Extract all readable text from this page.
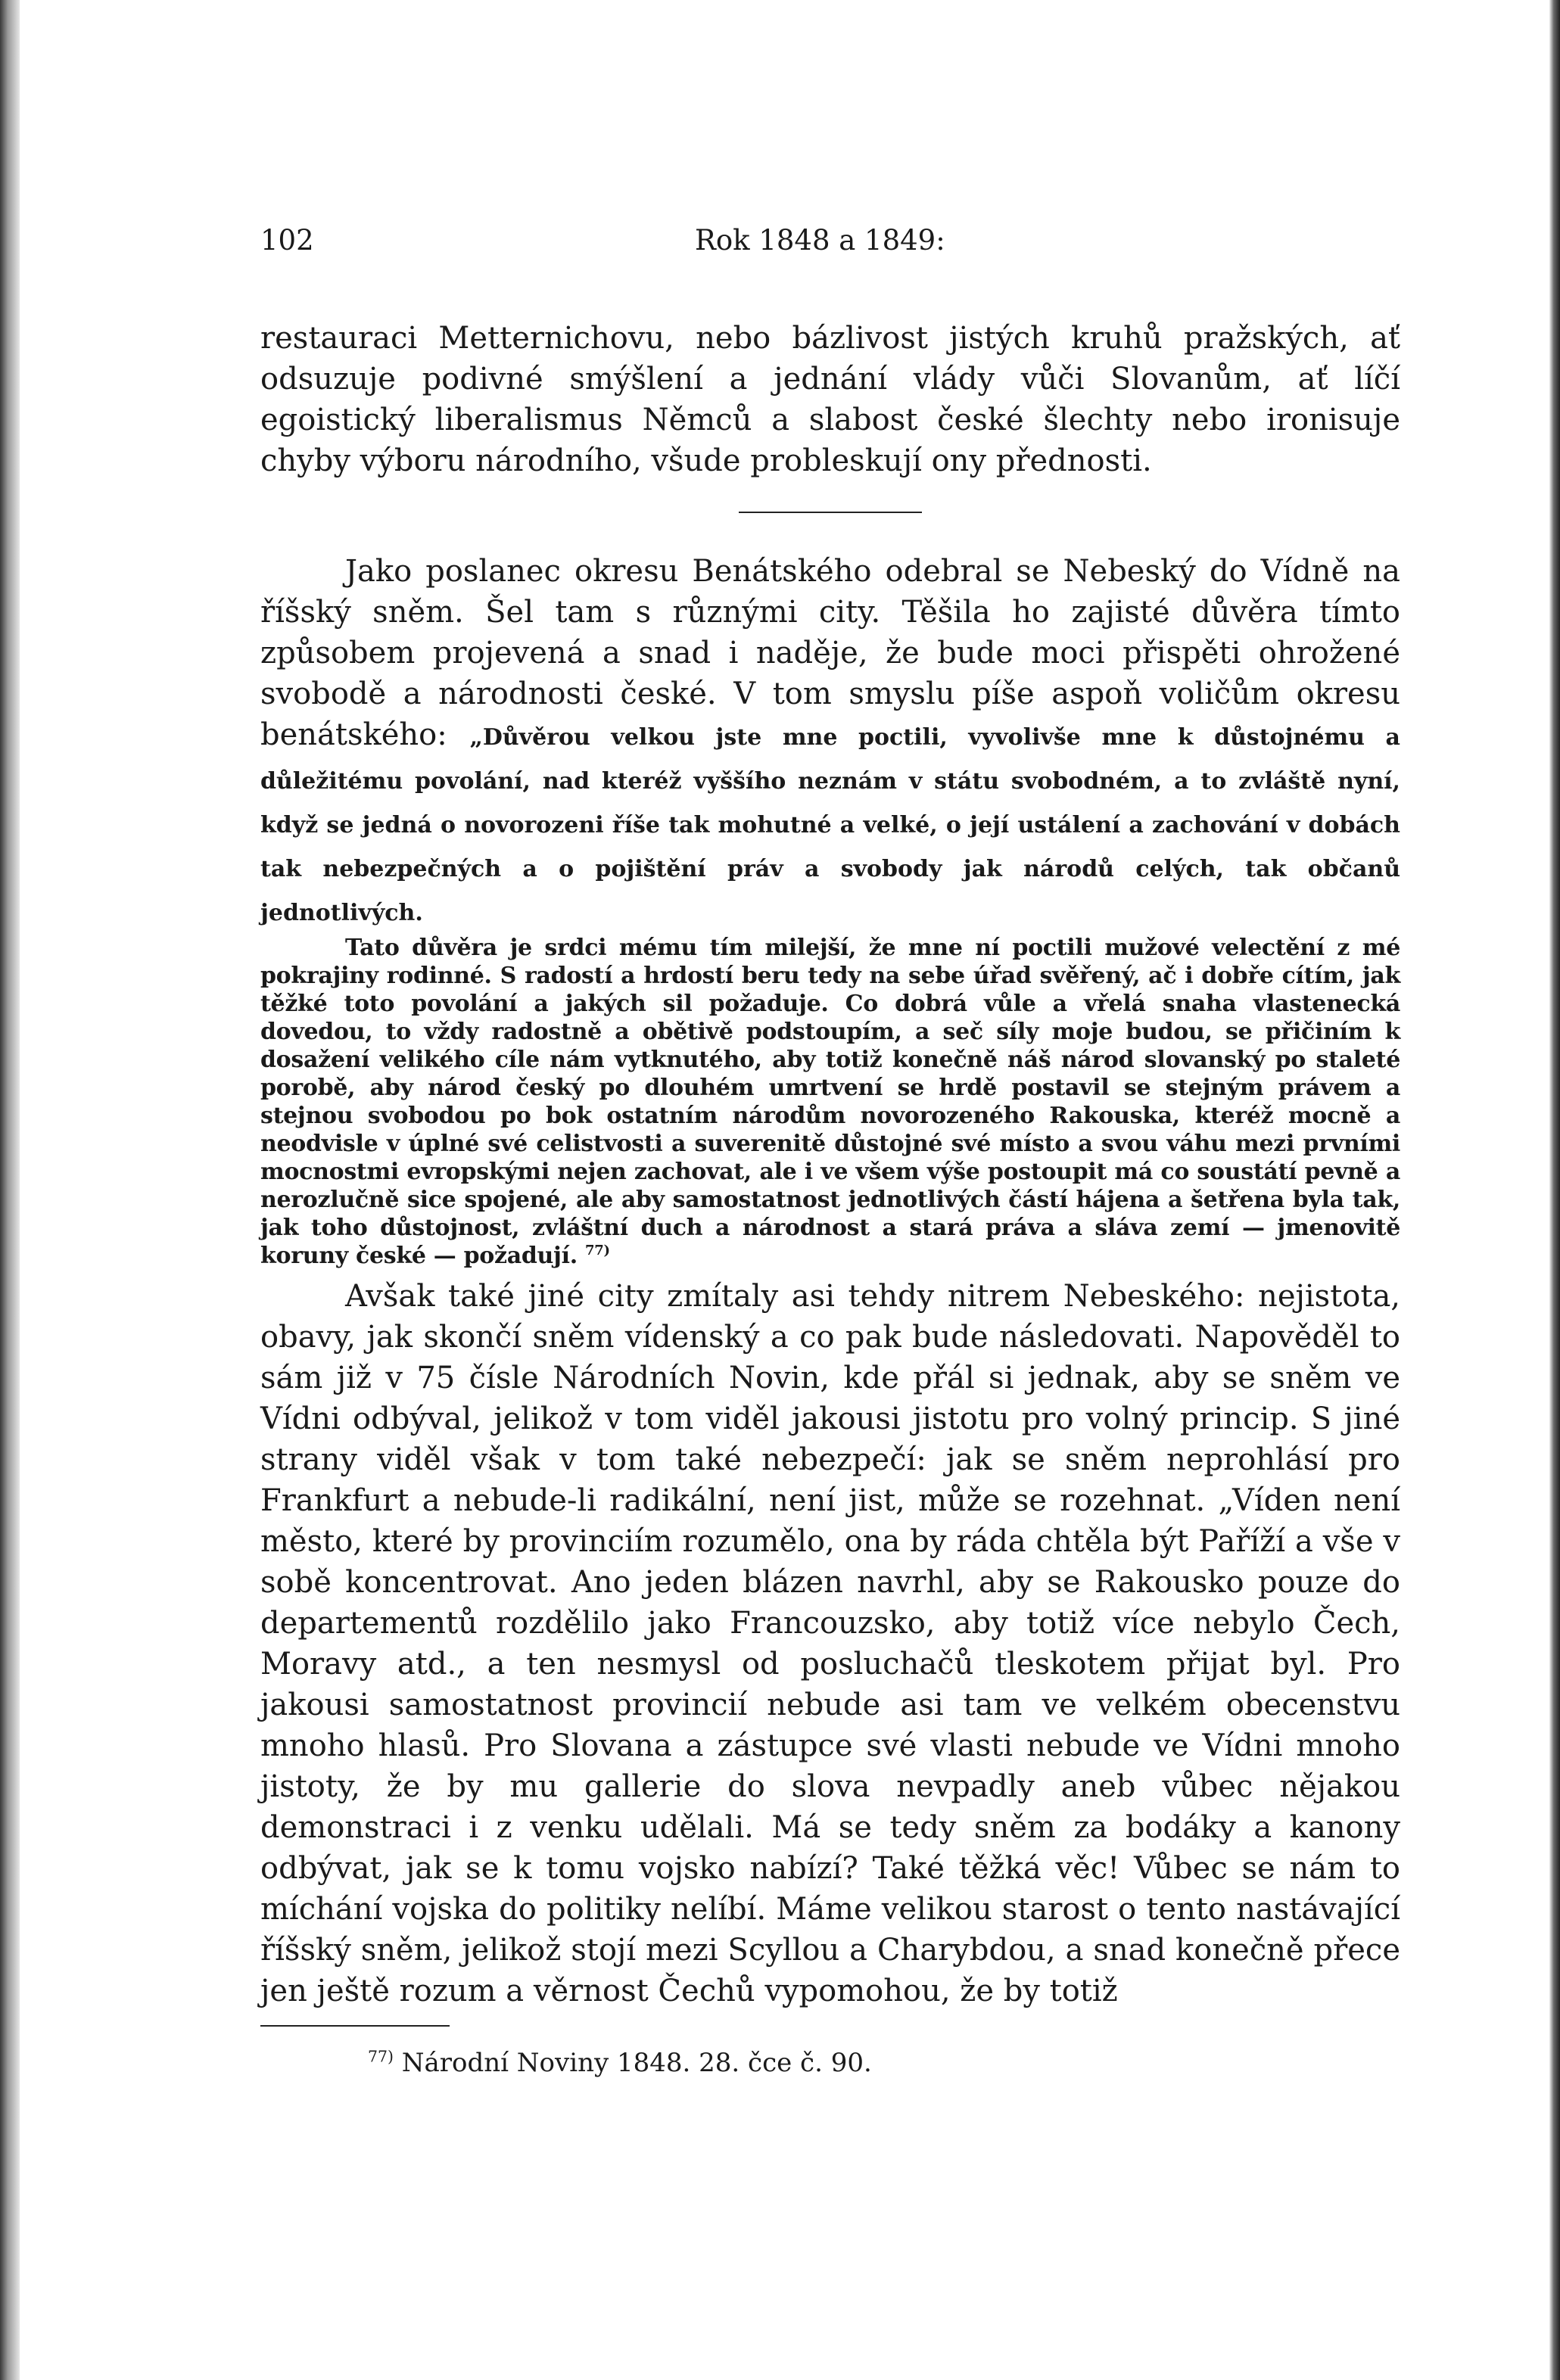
102	Rok 1848 a 1849:

restauraci Metternichovu, nebo bázlivost jistých kruhů pražských, ať odsuzuje podivné smýšlení a jednání vlády vůči Slovanům, ať líčí egoistický liberalismus Němců a slabost české šlechty nebo ironisuje chyby výboru národního, všude probleskují ony přednosti.

Jako poslanec okresu Benátského odebral se Nebeský do Vídně na říšský sněm. Šel tam s různými city. Těšila ho zajisté důvěra tímto způsobem projevená a snad i naděje, že bude moci přispěti ohrožené svobodě a národnosti české. V tom smyslu píše aspoň voličům okresu benátského: „Důvěrou velkou jste mne poctili, vyvolivše mne k důstojnému a důležitému povolání, nad kteréž vyššího neznám v státu svobodném, a to zvláště nyní, když se jedná o novorozeni říše tak mohutné a velké, o její ustálení a zachování v dobách tak nebezpečných a o pojištění práv a svobody jak národů celých, tak občanů jednotlivých.

Tato důvěra je srdci mému tím milejší, že mne ní poctili mužové velectění z mé pokrajiny rodinné. S radostí a hrdostí beru tedy na sebe úřad svěřený, ač i dobře cítím, jak těžké toto povolání a jakých sil požaduje. Co dobrá vůle a vřelá snaha vlastenecká dovedou, to vždy radostně a obětivě podstoupím, a seč síly moje budou, se přičiním k dosažení velikého cíle nám vytknutého, aby totiž konečně náš národ slovanský po staleté porobě, aby národ český po dlouhém umrtvení se hrdě postavil se stejným právem a stejnou svobodou po bok ostatním národům novorozeného Rakouska, kteréž mocně a neodvisle v úplné své celistvosti a suverenitě důstojné své místo a svou váhu mezi prvními mocnostmi evropskými nejen zachovat, ale i ve všem výše postoupit má co soustátí pevně a nerozlučně sice spojené, ale aby samostatnost jednotlivých částí hájena a šetřena byla tak, jak toho důstojnost, zvláštní duch a národnost a stará práva a sláva zemí — jmenovitě koruny české — požadují. $^{77)}$

Avšak také jiné city zmítaly asi tehdy nitrem Nebeského: nejistota, obavy, jak skončí sněm vídenský a co pak bude následovati. Napověděl to sám již v 75 čísle Národních Novin, kde přál si jednak, aby se sněm ve Vídni odbýval, jelikož v tom viděl jakousi jistotu pro volný princip. S jiné strany viděl však v tom také nebezpečí: jak se sněm neprohlásí pro Frankfurt a nebude-li radikální, není jist, může se rozehnat. „Víden není město, které by provinciím rozumělo, ona by ráda chtěla být Paříží a vše v sobě koncentrovat. Ano jeden blázen navrhl, aby se Rakousko pouze do departementů rozdělilo jako Francouzsko, aby totiž více nebylo Čech, Moravy atd., a ten nesmysl od posluchačů tleskotem přijat byl. Pro jakousi samostatnost provincií nebude asi tam ve velkém obecenstvu mnoho hlasů. Pro Slovana a zástupce své vlasti nebude ve Vídni mnoho jistoty, že by mu gallerie do slova nevpadly aneb vůbec nějakou demonstraci i z venku udělali. Má se tedy sněm za bodáky a kanony odbývat, jak se k tomu vojsko nabízí? Také těžká věc! Vůbec se nám to míchání vojska do politiky nelíbí. Máme velikou starost o tento nastávající říšský sněm, jelikož stojí mezi Scyllou a Charybdou, a snad konečně přece jen ještě rozum a věrnost Čechů vypomohou, že by totiž

$^{77)}$ Národní Noviny 1848. 28. čce č. 90.
